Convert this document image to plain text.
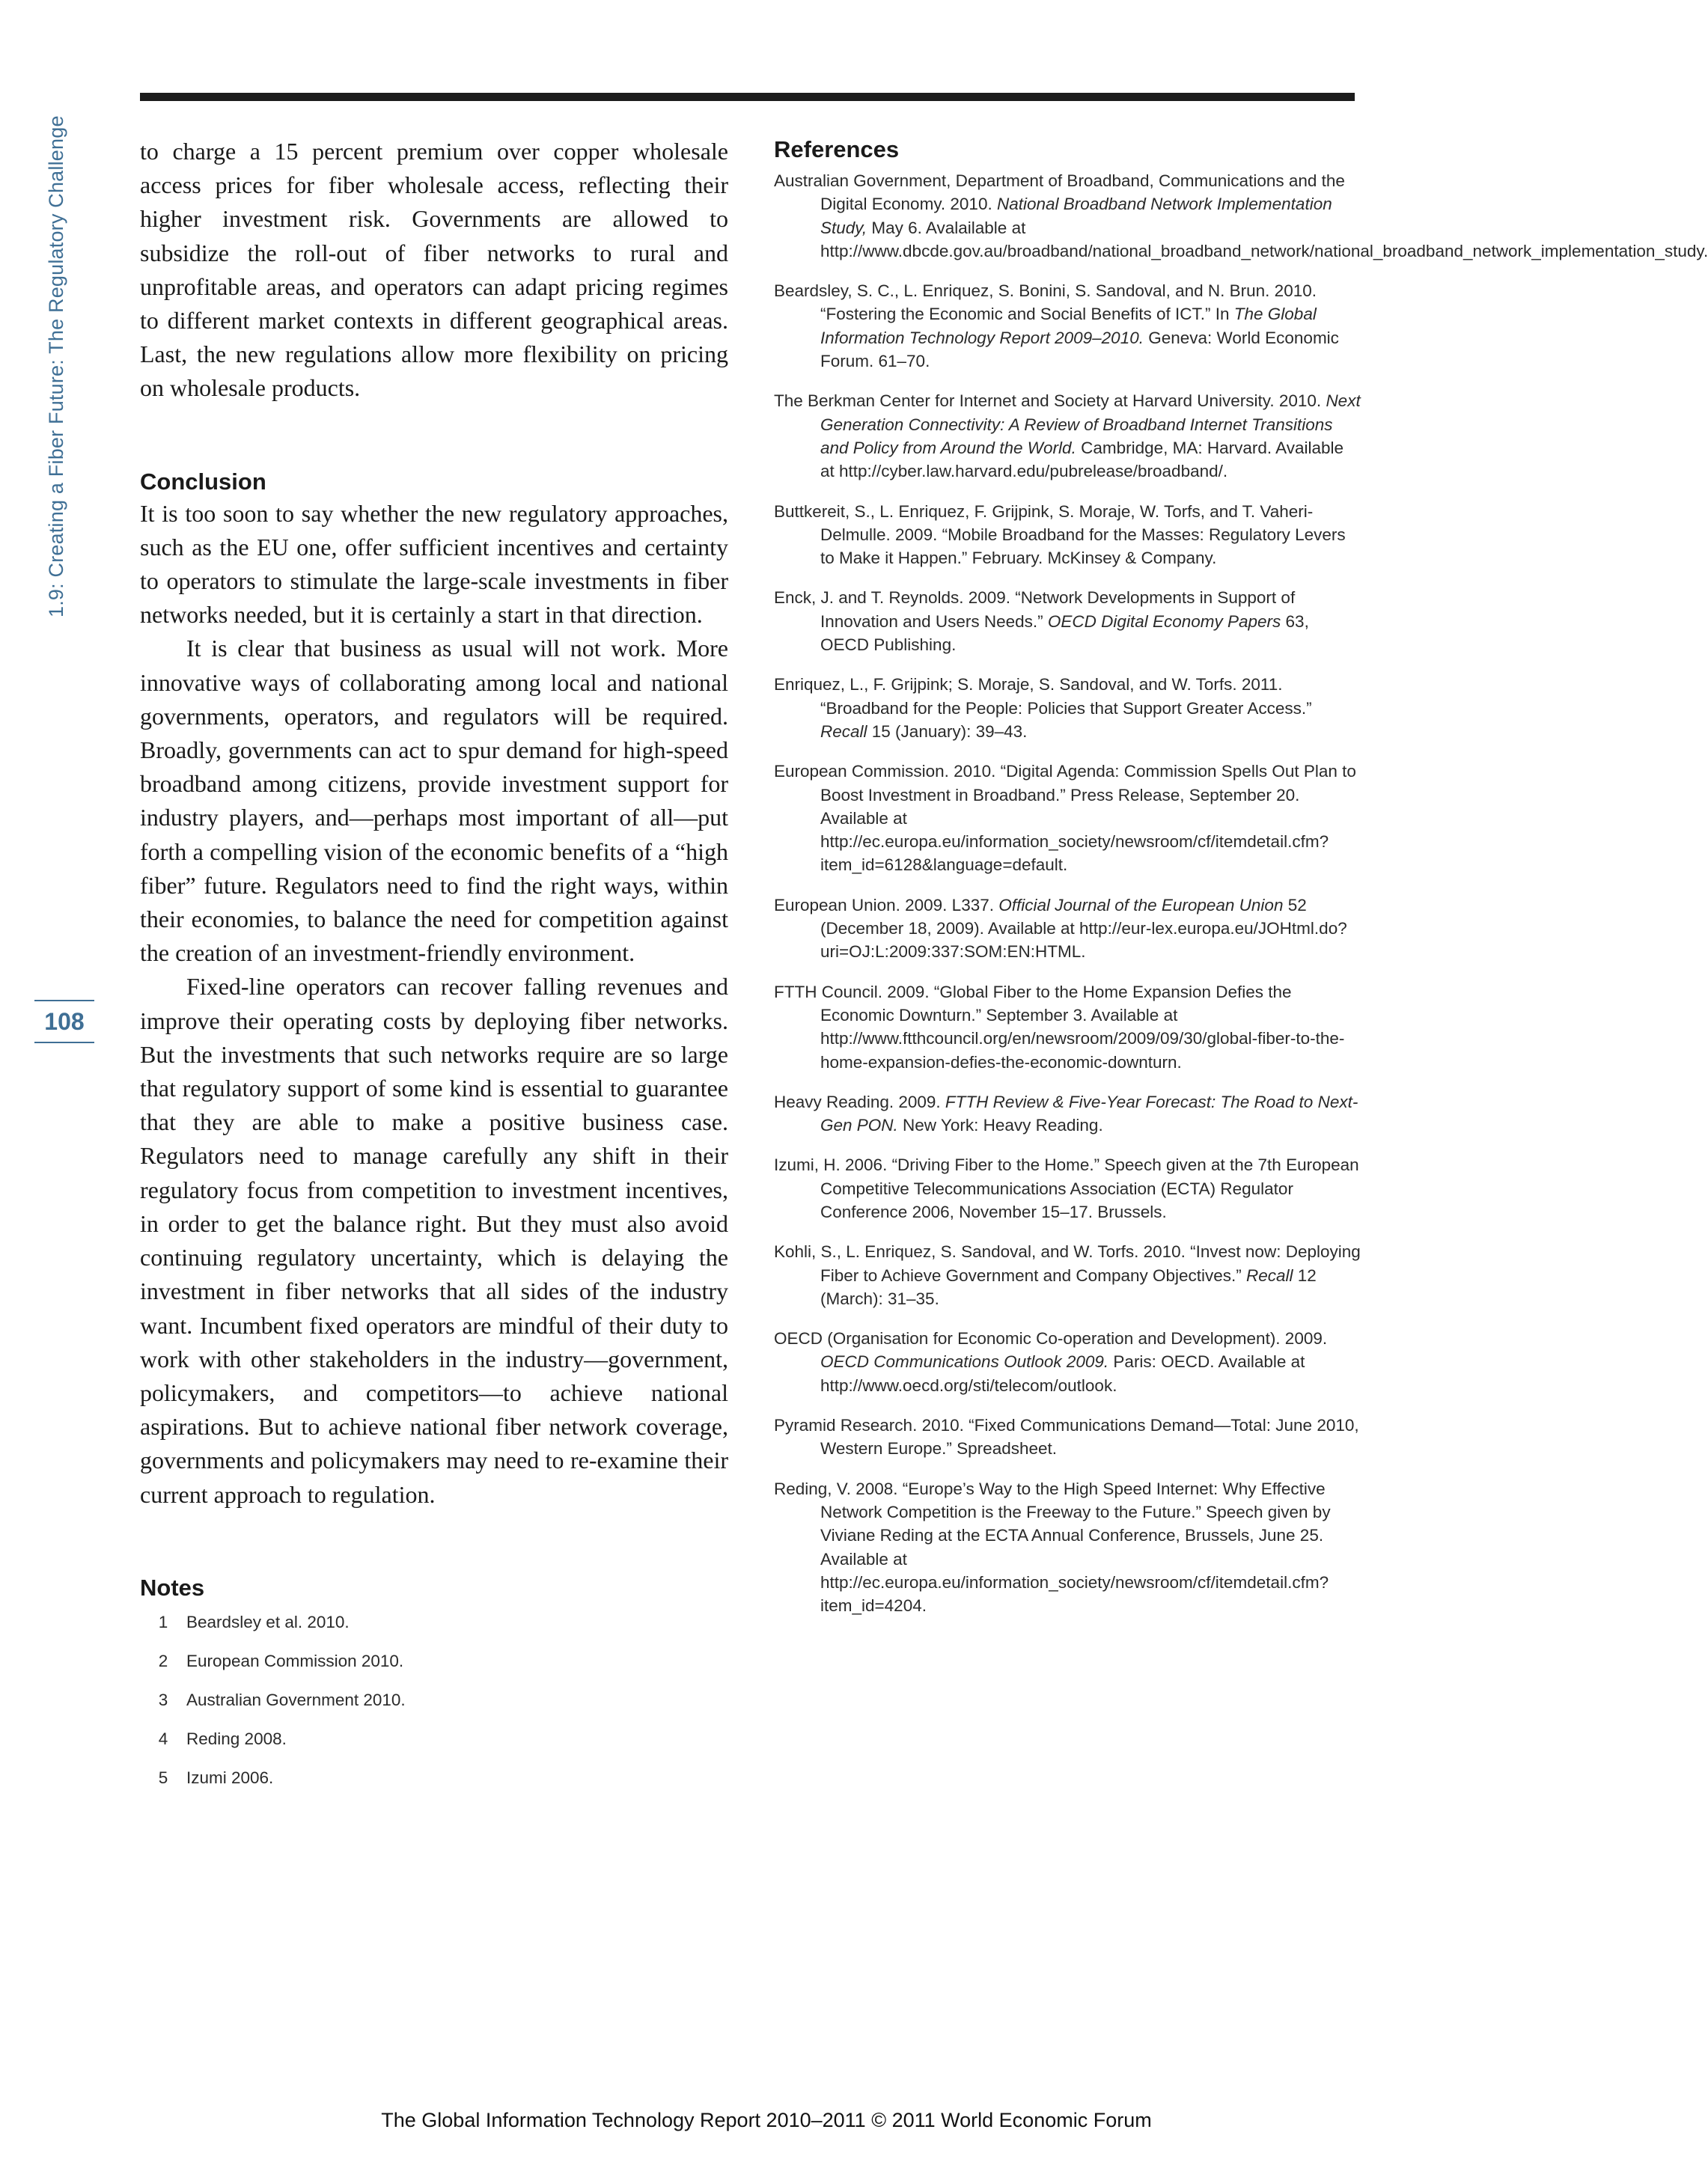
1.9: Creating a Fiber Future: The Regulatory Challenge
108

to charge a 15 percent premium over copper wholesale access prices for fiber wholesale access, reflecting their higher investment risk. Governments are allowed to subsidize the roll-out of fiber networks to rural and unprofitable areas, and operators can adapt pricing regimes to different market contexts in different geographical areas. Last, the new regulations allow more flexibility on pricing on wholesale products.

Conclusion

It is too soon to say whether the new regulatory approaches, such as the EU one, offer sufficient incentives and certainty to operators to stimulate the large-scale investments in fiber networks needed, but it is certainly a start in that direction.

It is clear that business as usual will not work. More innovative ways of collaborating among local and national governments, operators, and regulators will be required. Broadly, governments can act to spur demand for high-speed broadband among citizens, provide investment support for industry players, and—perhaps most important of all—put forth a compelling vision of the economic benefits of a “high fiber” future. Regulators need to find the right ways, within their economies, to balance the need for competition against the creation of an investment-friendly environment.

Fixed-line operators can recover falling revenues and improve their operating costs by deploying fiber networks. But the investments that such networks require are so large that regulatory support of some kind is essential to guarantee that they are able to make a positive business case. Regulators need to manage carefully any shift in their regulatory focus from competition to investment incentives, in order to get the balance right. But they must also avoid continuing regulatory uncertainty, which is delaying the investment in fiber networks that all sides of the industry want. Incumbent fixed operators are mindful of their duty to work with other stakeholders in the industry—government, policymakers, and competitors—to achieve national aspirations. But to achieve national fiber network coverage, governments and policymakers may need to re-examine their current approach to regulation.

Notes
1	Beardsley et al. 2010.
2	European Commission 2010.
3	Australian Government 2010.
4	Reding 2008.
5	Izumi 2006.
References

Australian Government, Department of Broadband, Communications and the Digital Economy. 2010. National Broadband Network Implementation Study, May 6. Avalailable at http://www.dbcde.gov.au/broadband/national_broadband_network/national_broadband_network_implementation_study.

Beardsley, S. C., L. Enriquez, S. Bonini, S. Sandoval, and N. Brun. 2010. “Fostering the Economic and Social Benefits of ICT.” In The Global Information Technology Report 2009–2010. Geneva: World Economic Forum. 61–70.

The Berkman Center for Internet and Society at Harvard University. 2010. Next Generation Connectivity: A Review of Broadband Internet Transitions and Policy from Around the World. Cambridge, MA: Harvard. Available at http://cyber.law.harvard.edu/pubrelease/broadband/.

Buttkereit, S., L. Enriquez, F. Grijpink, S. Moraje, W. Torfs, and T. Vaheri-Delmulle. 2009. “Mobile Broadband for the Masses: Regulatory Levers to Make it Happen.” February. McKinsey & Company.

Enck, J. and T. Reynolds. 2009. “Network Developments in Support of Innovation and Users Needs.” OECD Digital Economy Papers 63, OECD Publishing.

Enriquez, L., F. Grijpink; S. Moraje, S. Sandoval, and W. Torfs. 2011. “Broadband for the People: Policies that Support Greater Access.” Recall 15 (January): 39–43.

European Commission. 2010. “Digital Agenda: Commission Spells Out Plan to Boost Investment in Broadband.” Press Release, September 20. Available at http://ec.europa.eu/information_society/newsroom/cf/itemdetail.cfm?item_id=6128&language=default.

European Union. 2009. L337. Official Journal of the European Union 52 (December 18, 2009). Available at http://eur-lex.europa.eu/JOHtml.do?uri=OJ:L:2009:337:SOM:EN:HTML.

FTTH Council. 2009. “Global Fiber to the Home Expansion Defies the Economic Downturn.” September 3. Available at http://www.ftthcouncil.org/en/newsroom/2009/09/30/global-fiber-to-the-home-expansion-defies-the-economic-downturn.

Heavy Reading. 2009. FTTH Review & Five-Year Forecast: The Road to Next-Gen PON. New York: Heavy Reading.

Izumi, H. 2006. “Driving Fiber to the Home.” Speech given at the 7th European Competitive Telecommunications Association (ECTA) Regulator Conference 2006, November 15–17. Brussels.

Kohli, S., L. Enriquez, S. Sandoval, and W. Torfs. 2010. “Invest now: Deploying Fiber to Achieve Government and Company Objectives.” Recall 12 (March): 31–35.

OECD (Organisation for Economic Co-operation and Development). 2009. OECD Communications Outlook 2009. Paris: OECD. Available at http://www.oecd.org/sti/telecom/outlook.

Pyramid Research. 2010. “Fixed Communications Demand—Total: June 2010, Western Europe.” Spreadsheet.

Reding, V. 2008. “Europe’s Way to the High Speed Internet: Why Effective Network Competition is the Freeway to the Future.” Speech given by Viviane Reding at the ECTA Annual Conference, Brussels, June 25. Available at http://ec.europa.eu/information_society/newsroom/cf/itemdetail.cfm?item_id=4204.

The Global Information Technology Report 2010–2011 © 2011 World Economic Forum
